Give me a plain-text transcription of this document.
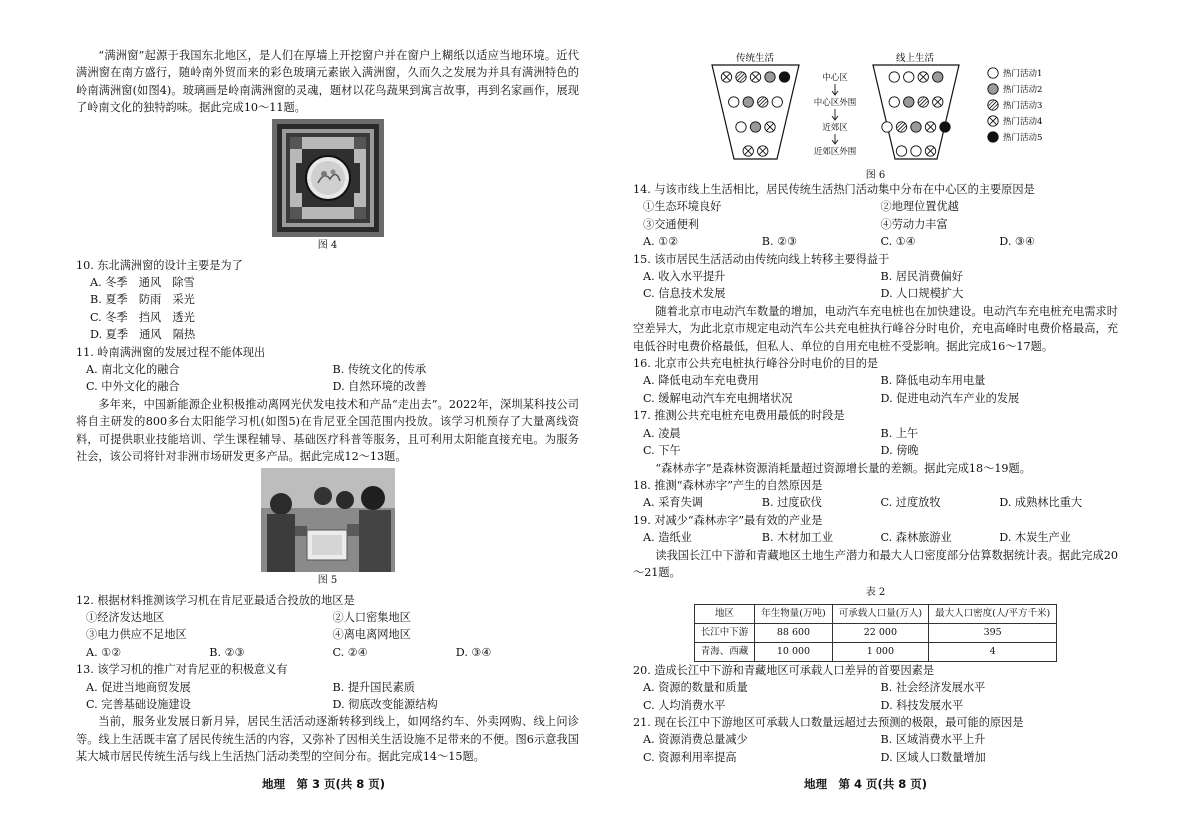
“满洲窗”起源于我国东北地区，是人们在厚墙上开挖窗户并在窗户上糊纸以适应当地环境。近代满洲窗在南方盛行，随岭南外贸而来的彩色玻璃元素嵌入满洲窗，久而久之发展为并具有满洲特色的岭南满洲窗(如图4)。玻璃画是岭南满洲窗的灵魂，题材以花鸟蔬果到寓言故事，再到名家画作，展现了岭南文化的独特韵味。据此完成10～11题。

图 4

10. 东北满洲窗的设计主要是为了

A. 冬季　通风　除雪
B. 夏季　防雨　采光
C. 冬季　挡风　透光
D. 夏季　通风　隔热

11. 岭南满洲窗的发展过程不能体现出

A. 南北文化的融合	B. 传统文化的传承
C. 中外文化的融合	D. 自然环境的改善

多年来，中国新能源企业积极推动离网光伏发电技术和产品“走出去”。2022年，深圳某科技公司将自主研发的800多台太阳能学习机(如图5)在肯尼亚全国范围内投放。该学习机预存了大量离线资料，可提供职业技能培训、学生课程辅导、基础医疗科普等服务，且可利用太阳能直接充电。为服务社会，该公司将针对非洲市场研发更多产品。据此完成12～13题。

图 5

12. 根据材料推测该学习机在肯尼亚最适合投放的地区是

①经济发达地区	②人口密集地区
③电力供应不足地区	④离电离网地区
A. ①②	B. ②③	C. ②④	D. ③④

13. 该学习机的推广对肯尼亚的积极意义有

A. 促进当地商贸发展	B. 提升国民素质
C. 完善基础设施建设	D. 彻底改变能源结构

当前，服务业发展日新月异，居民生活活动逐渐转移到线上，如网络约车、外卖网购、线上问诊等。线上生活既丰富了居民传统生活的内容，又弥补了因相关生活设施不足带来的不便。图6示意我国某大城市居民传统生活与线上生活热门活动类型的空间分布。据此完成14～15题。

地理　第 3 页(共 8 页)
传统生活	线上生活
中心区
中心区外围
近郊区
近郊区外围
热门活动1
热门活动2
热门活动3
热门活动4
热门活动5
图 6

14. 与该市线上生活相比，居民传统生活热门活动集中分布在中心区的主要原因是

①生态环境良好	②地理位置优越
③交通便利	④劳动力丰富
A. ①②	B. ②③	C. ①④	D. ③④

15. 该市居民生活活动由传统向线上转移主要得益于

A. 收入水平提升	B. 居民消费偏好
C. 信息技术发展	D. 人口规模扩大

随着北京市电动汽车数量的增加，电动汽车充电桩也在加快建设。电动汽车充电桩充电需求时空差异大，为此北京市规定电动汽车公共充电桩执行峰谷分时电价，充电高峰时电费价格最高，充电低谷时电费价格最低，但私人、单位的自用充电桩不受影响。据此完成16～17题。

16. 北京市公共充电桩执行峰谷分时电价的目的是

A. 降低电动车充电费用	B. 降低电动车用电量
C. 缓解电动汽车充电拥堵状况	D. 促进电动汽车产业的发展

17. 推测公共充电桩充电费用最低的时段是

A. 凌晨	B. 上午
C. 下午	D. 傍晚

“森林赤字”是森林资源消耗量超过资源增长量的差额。据此完成18～19题。

18. 推测“森林赤字”产生的自然原因是

A. 采育失调	B. 过度砍伐	C. 过度放牧	D. 成熟林比重大

19. 对减少“森林赤字”最有效的产业是

A. 造纸业	B. 木材加工业	C. 森林旅游业	D. 木炭生产业

读我国长江中下游和青藏地区土地生产潜力和最大人口密度部分估算数据统计表。据此完成20～21题。

表 2
地区	年生物量(万吨)	可承载人口量(万人)	最大人口密度(人/平方千米)
长江中下游	88 600	22 000	395
青海、西藏	10 000	1 000	4

20. 造成长江中下游和青藏地区可承载人口差异的首要因素是

A. 资源的数量和质量	B. 社会经济发展水平
C. 人均消费水平	D. 科技发展水平

21. 现在长江中下游地区可承载人口数量远超过去预测的极限，最可能的原因是

A. 资源消费总量减少	B. 区域消费水平上升
C. 资源利用率提高	D. 区域人口数量增加
地理　第 4 页(共 8 页)
